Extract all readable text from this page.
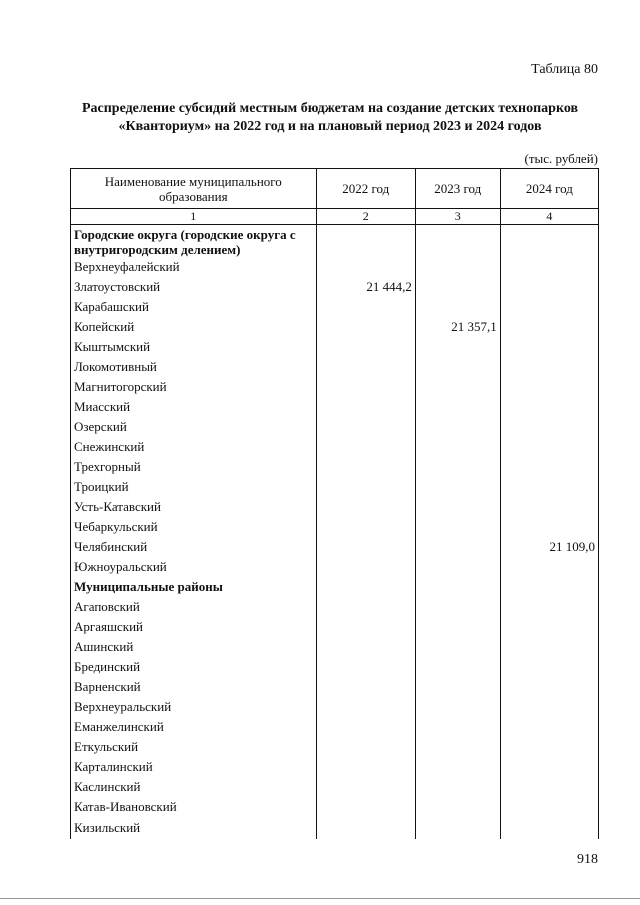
Таблица 80
Распределение субсидий местным бюджетам на создание детских технопарков
«Кванториум» на 2022 год и на плановый период 2023 и 2024 годов
(тыс. рублей)
Наименование муниципального образования	2022 год	2023 год	2024 год
1	2	3	4
Городские округа (городские округа с внутригородским делением)			
Верхнеуфалейский			
Златоустовский	21 444,2		
Карабашский			
Копейский		21 357,1	
Кыштымский			
Локомотивный			
Магнитогорский			
Миасский			
Озерский			
Снежинский			
Трехгорный			
Троицкий			
Усть-Катавский			
Чебаркульский			
Челябинский			21 109,0
Южноуральский			
Муниципальные районы			
Агаповский			
Аргаяшский			
Ашинский			
Брединский			
Варненский			
Верхнеуральский			
Еманжелинский			
Еткульский			
Карталинский			
Каслинский			
Катав-Ивановский			
Кизильский			
918
